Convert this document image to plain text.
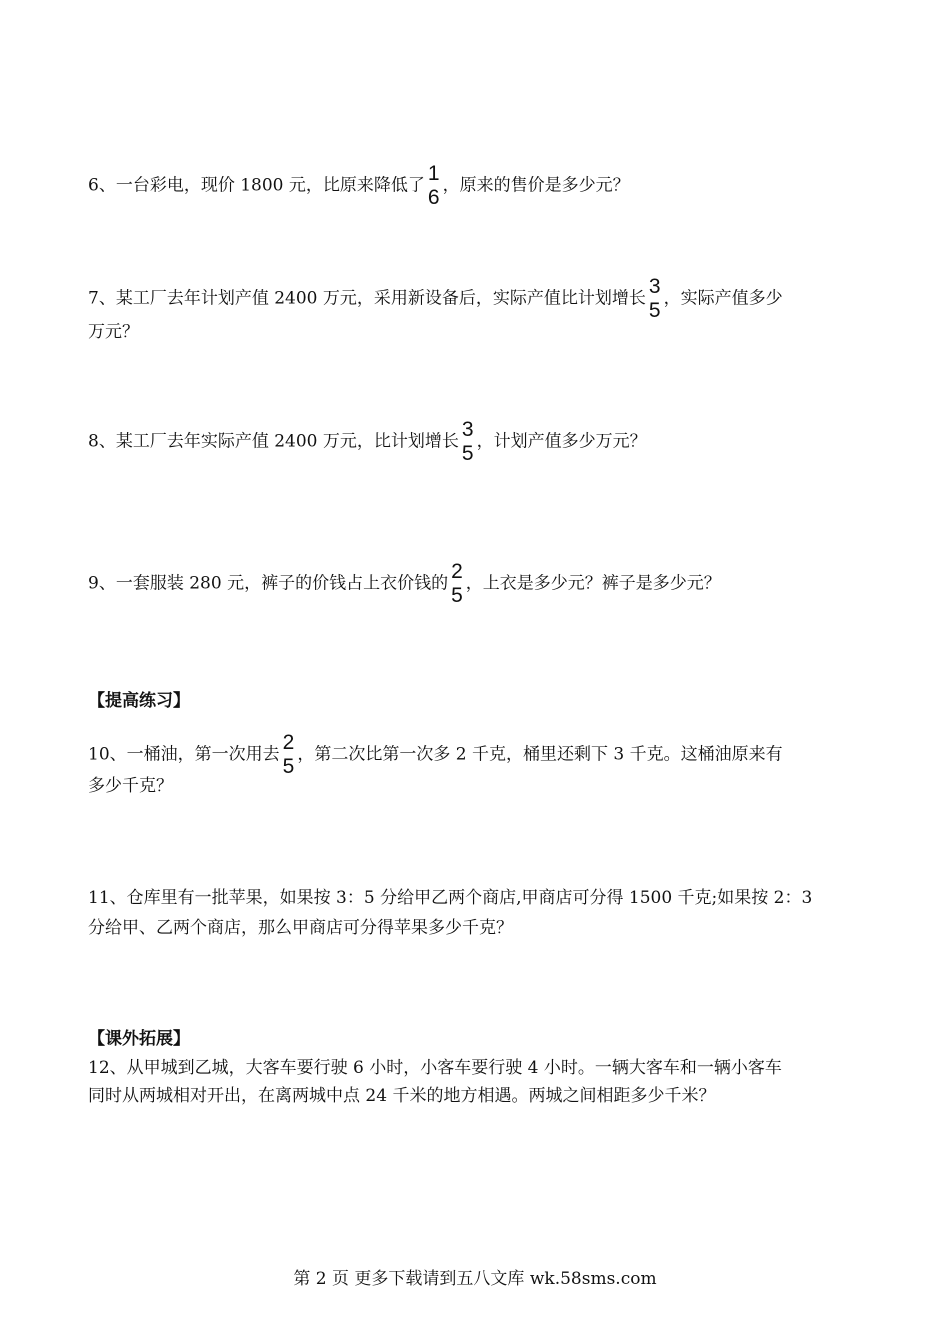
6、一台彩电，现价 1800 元，比原来降低了
1
6
，原来的售价是多少元？
7、某工厂去年计划产值 2400 万元，采用新设备后，实际产值比计划增长
3
5
，实际产值多少
万元？
8、某工厂去年实际产值 2400 万元，比计划增长
3
5
，计划产值多少万元？
9、一套服装 280 元，裤子的价钱占上衣价钱的
2
5
，上衣是多少元？裤子是多少元？
【提高练习】
10、一桶油，第一次用去
2
5
，第二次比第一次多 2 千克，桶里还剩下 3 千克。这桶油原来有
多少千克？
11、仓库里有一批苹果，如果按 3：5 分给甲乙两个商店,甲商店可分得 1500 千克;如果按 2：3
分给甲、乙两个商店，那么甲商店可分得苹果多少千克？
【课外拓展】
12、从甲城到乙城，大客车要行驶 6 小时，小客车要行驶 4 小时。一辆大客车和一辆小客车
同时从两城相对开出，在离两城中点 24 千米的地方相遇。两城之间相距多少千米？
第 2 页 更多下载请到五八文库 wk.58sms.com
